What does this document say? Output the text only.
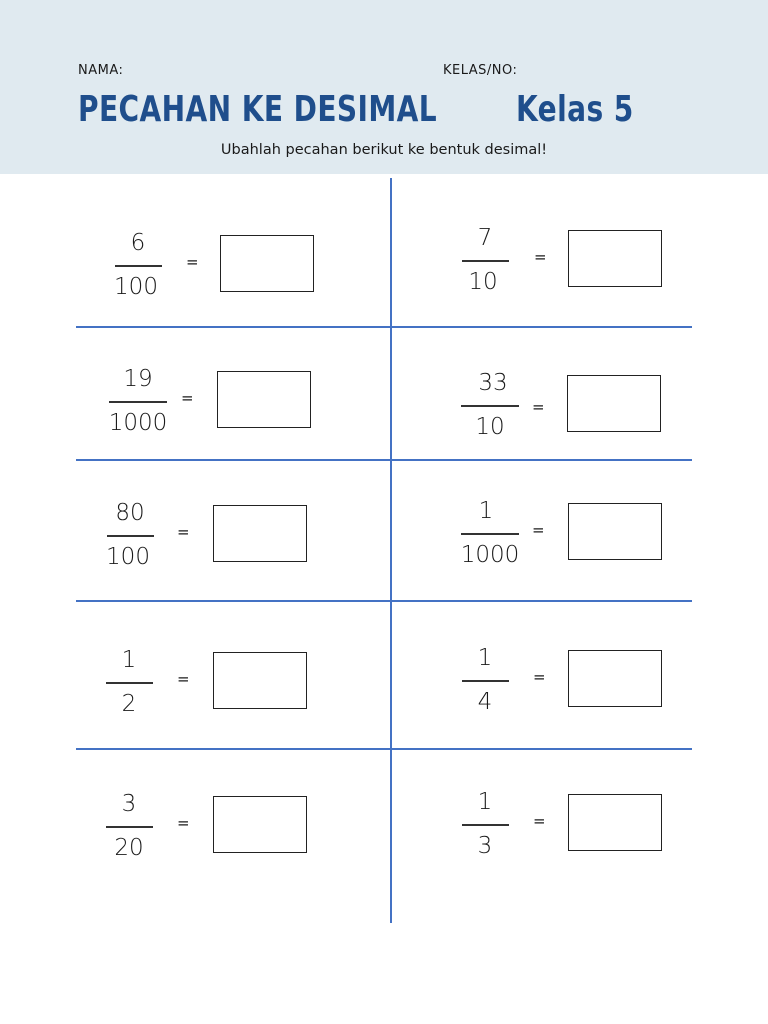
NAMA:	KELAS/NO:
PECAHAN KE DESIMAL Kelas 5
Ubahlah pecahan berikut ke bentuk desimal!
6
100
=
7
10
=
19
1000
=
33
10
=
80
100
=
1
1000
=
1
2
=
1
4
=
3
20
=
1
3
=
